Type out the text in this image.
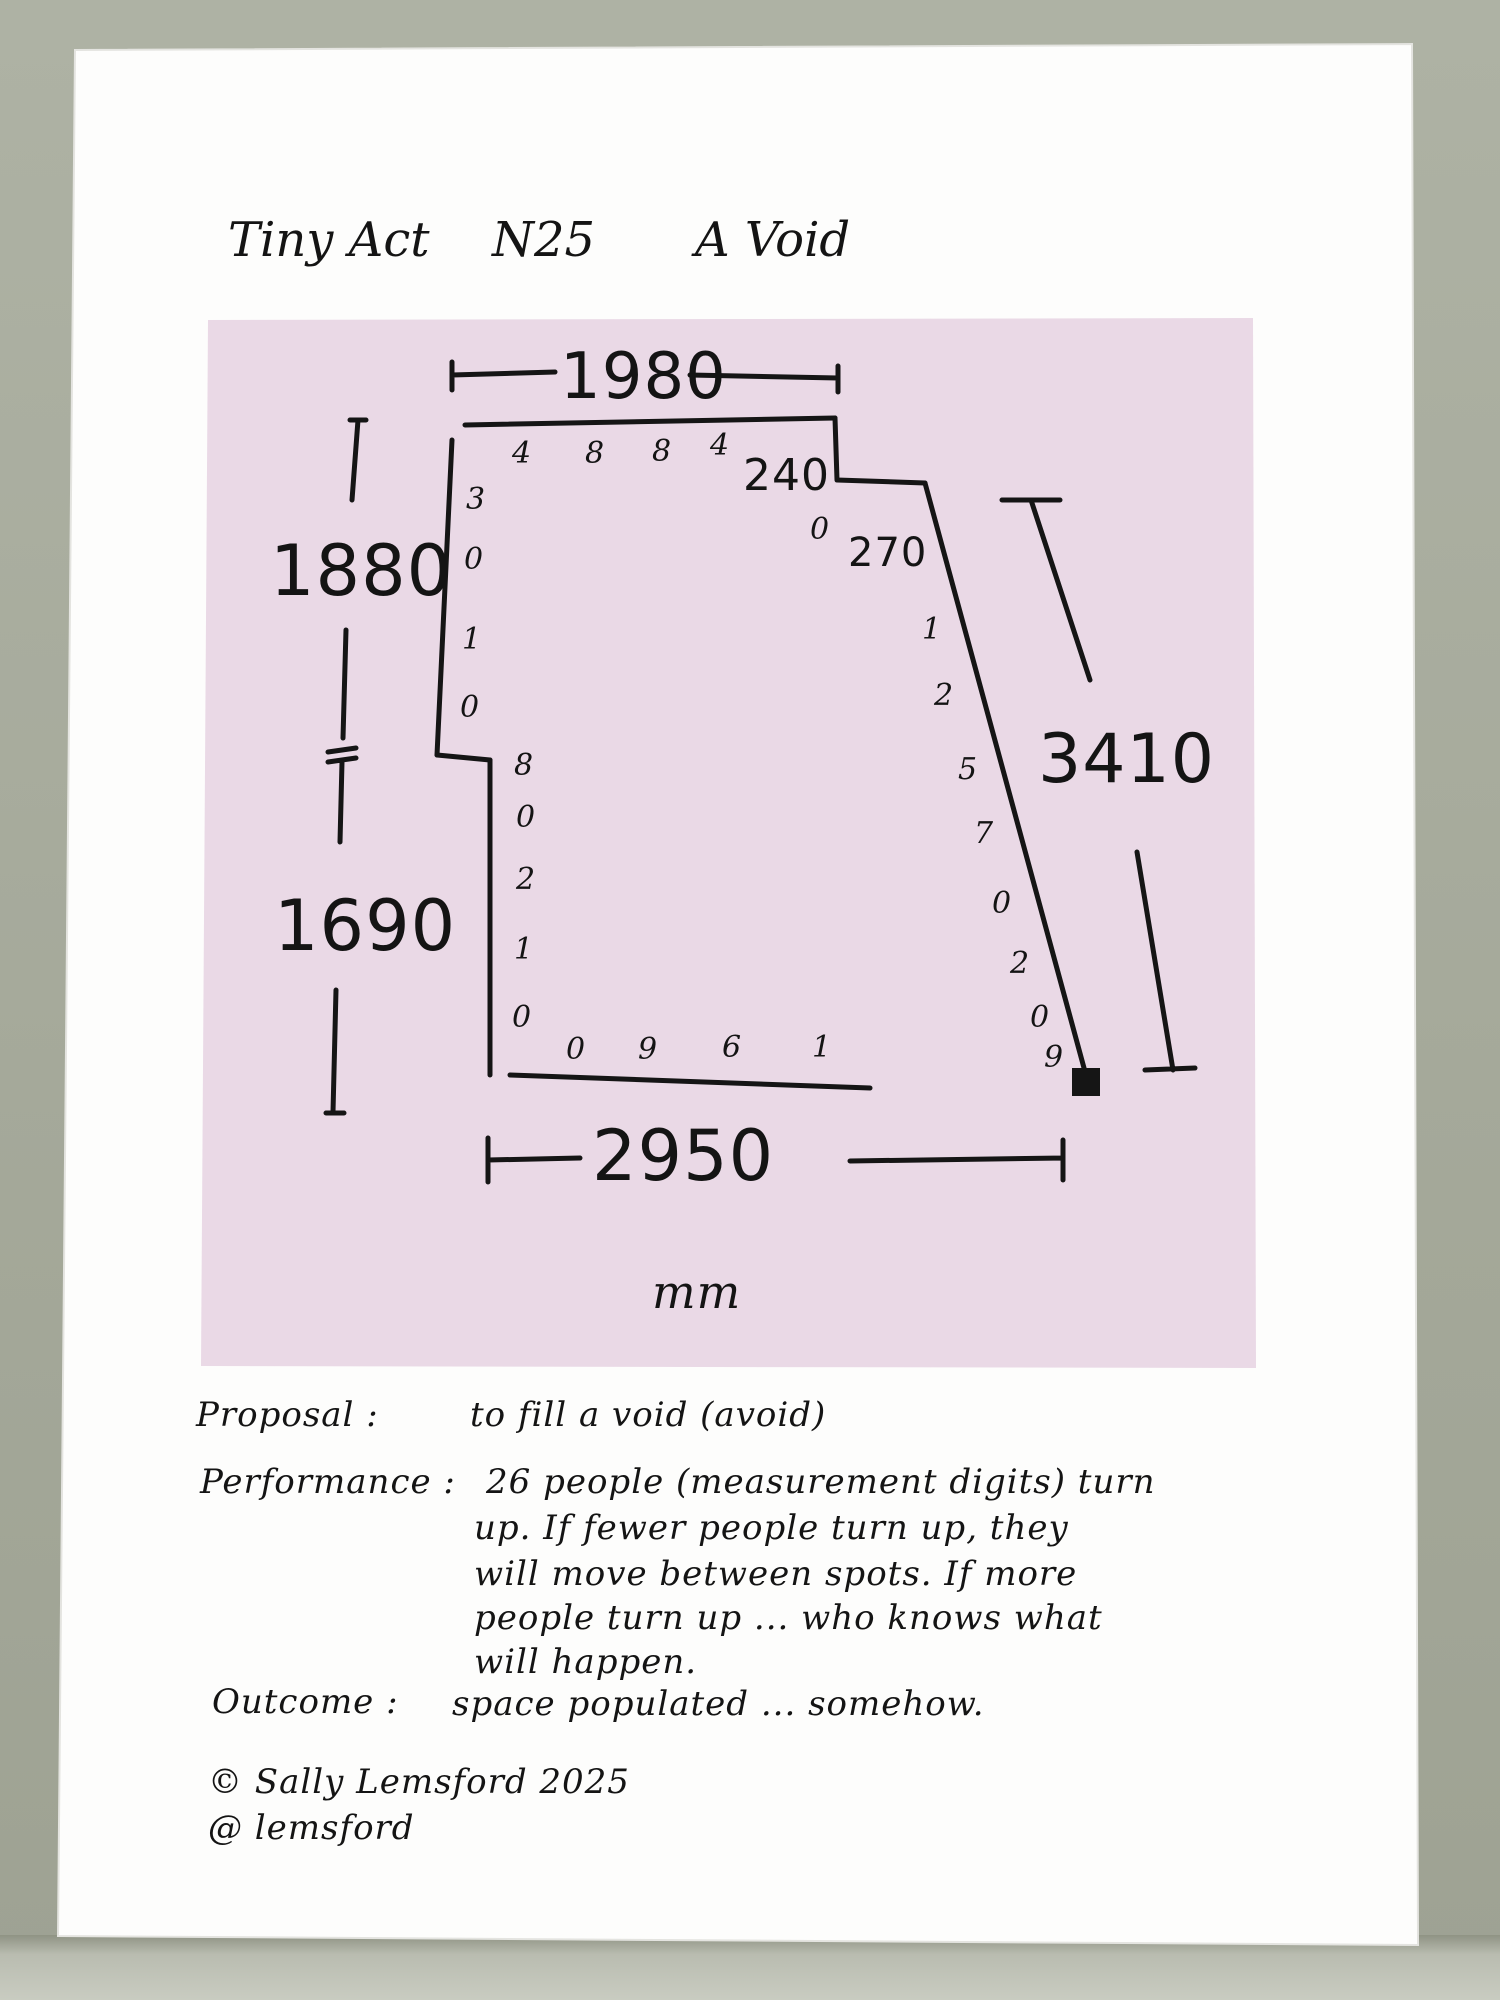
Tiny Act N25 A Void
1980
1880
1690
240
270
3410
2950
mm
4 8 8 4
3
0
1
0
8
0
2
1
0
0 9 6 1
0
1
2
5
7
0
2
0
9
Proposal :	to fill a void (avoid)
Performance : 26 people (measurement digits) turn
up. If fewer people turn up, they
will move between spots. If more
people turn up ... who knows what
will happen.
Outcome : space populated ... somehow.
© Sally Lemsford 2025
@ lemsford
